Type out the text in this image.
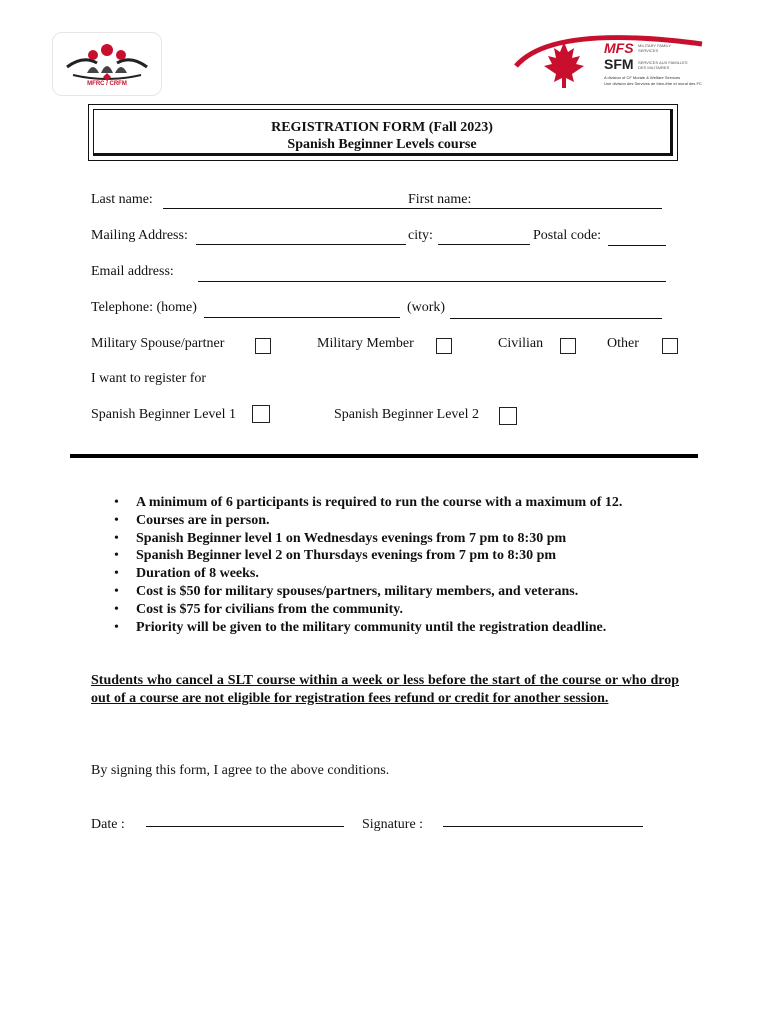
MFRC / CRFM
MFS MILITARY FAMILY
SERVICES
SFM SERVICES AUX FAMILLES
DES MILITAIRES
A division of CF Morale & Welfare Services
Une division des Services de bien-être et moral des FC
REGISTRATION FORM (Fall 2023)
Spanish Beginner Levels course
Last name:	First name:
Mailing Address:	city:	Postal code:
Email address:
Telephone: (home)	(work)
Military Spouse/partner	Military Member	Civilian	Other
I want to register for
Spanish Beginner Level 1	Spanish Beginner Level 2
• A minimum of 6 participants is required to run the course with a maximum of 12.
• Courses are in person.
• Spanish Beginner level 1 on Wednesdays evenings from 7 pm to 8:30 pm
• Spanish Beginner level 2 on Thursdays evenings from 7 pm to 8:30 pm
• Duration of 8 weeks.
• Cost is $50 for military spouses/partners, military members, and veterans.
• Cost is $75 for civilians from the community.
• Priority will be given to the military community until the registration deadline.
Students who cancel a SLT course within a week or less before the start of the course or who drop out of a course are not eligible for registration fees refund or credit for another session.
By signing this form, I agree to the above conditions.
Date :	Signature :
